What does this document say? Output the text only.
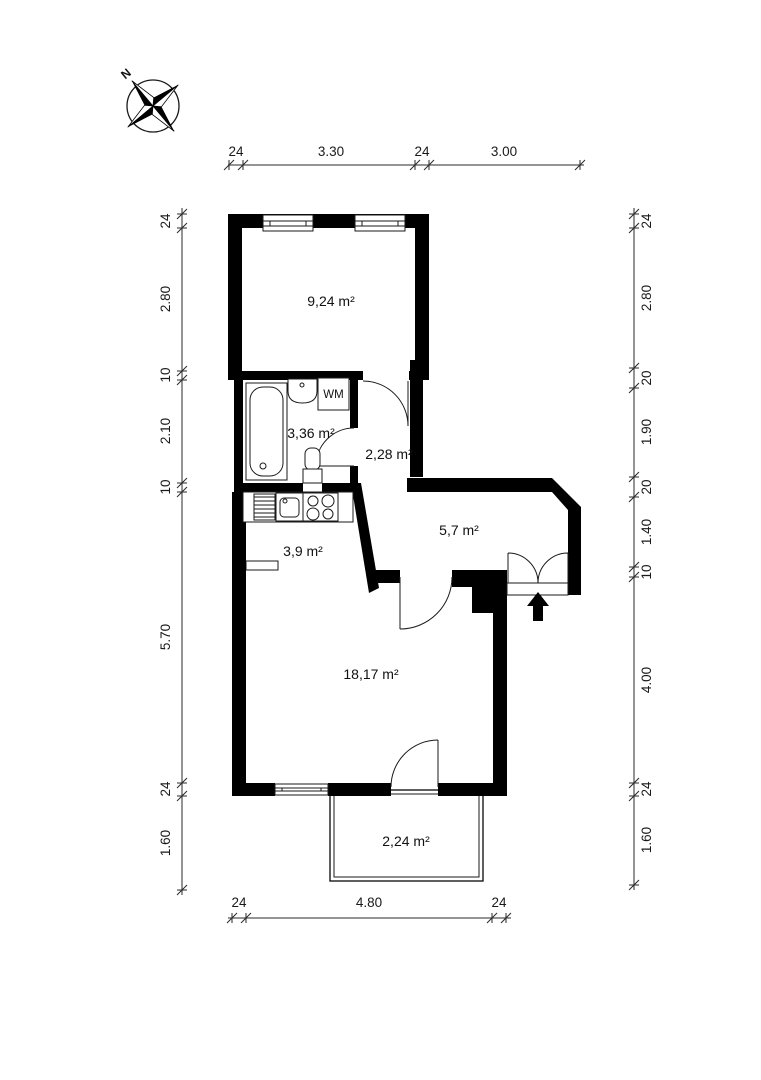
N
24	3.30	24	3.00
24	4.80	24
24
2.80
10
2.10
10
5.70
24
1.60
24
2.80
20
1.90
20
1.40
10
4.00
24
1.60
WM
9,24 m²
3,36 m²
2,28 m²
5,7 m²
3,9 m²
18,17 m²
2,24 m²
